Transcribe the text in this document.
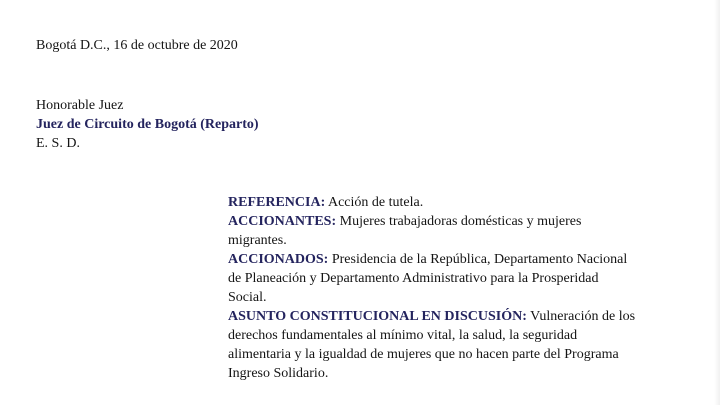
Bogotá D.C., 16 de octubre de 2020
Honorable Juez
Juez de Circuito de Bogotá (Reparto)
E. S. D.
REFERENCIA: Acción de tutela.
ACCIONANTES: Mujeres trabajadoras domésticas y mujeres
migrantes.
ACCIONADOS: Presidencia de la República, Departamento Nacional
de Planeación y Departamento Administrativo para la Prosperidad
Social.
ASUNTO CONSTITUCIONAL EN DISCUSIÓN: Vulneración de los
derechos fundamentales al mínimo vital, la salud, la seguridad
alimentaria y la igualdad de mujeres que no hacen parte del Programa
Ingreso Solidario.
